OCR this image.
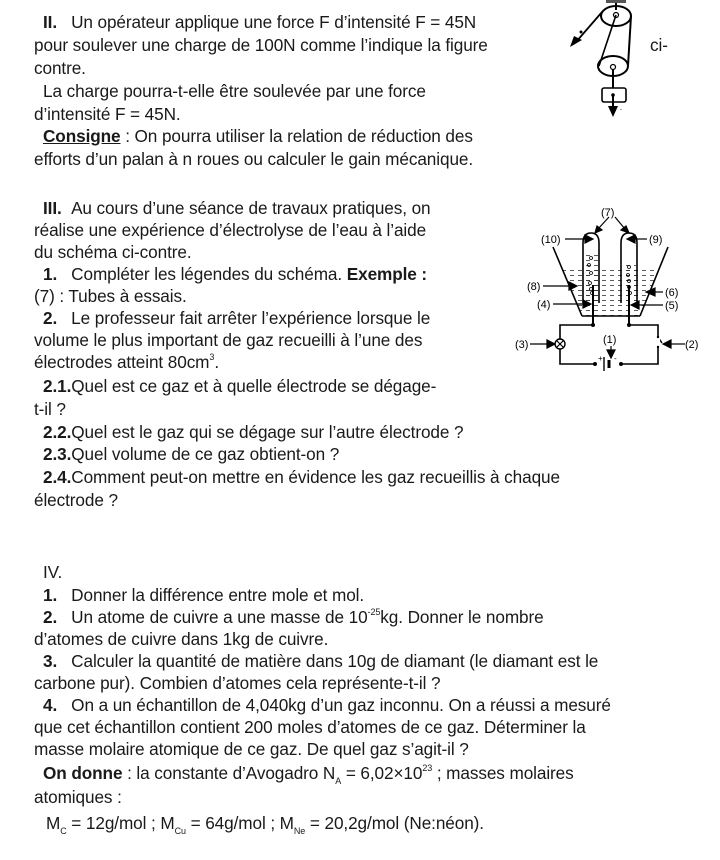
II. Un opérateur applique une force F d’intensité F = 45N
pour soulever une charge de 100N comme l’indique la figure	ci-
contre.
La charge pourra-t-elle être soulevée par une force
d’intensité F = 45N.
Consigne : On pourra utiliser la relation de réduction des
efforts d’un palan à n roues ou calculer le gain mécanique.
-
III. Au cours d’une séance de travaux pratiques, on
réalise une expérience d’électrolyse de l’eau à l’aide
du schéma ci-contre.
1. Compléter les légendes du schéma. Exemple :
(7) : Tubes à essais.
2. Le professeur fait arrêter l’expérience lorsque le
volume le plus important de gaz recueilli à l’une des
électrodes atteint $80cm^3$.
2.1.Quel est ce gaz et à quelle électrode se dégage-
t-il ?
2.2.Quel est le gaz qui se dégage sur l’autre électrode ?
2.3.Quel volume de ce gaz obtient-on ?
2.4.Comment peut-on mettre en évidence les gaz recueillis à chaque
électrode ?
+ -
(7)
(10)	(9)
(8)	(6)
(4)	(5)
(3)	(2)
(1)
IV.
1. Donner la différence entre mole et mol.
2. Un atome de cuivre a une masse de $10^{-25}kg$. Donner le nombre
d’atomes de cuivre dans 1kg de cuivre.
3. Calculer la quantité de matière dans 10g de diamant (le diamant est le
carbone pur). Combien d’atomes cela représente-t-il ?
4. On a un échantillon de 4,040kg d’un gaz inconnu. On a réussi a mesuré
que cet échantillon contient 200 moles d’atomes de ce gaz. Déterminer la
masse molaire atomique de ce gaz. De quel gaz s’agit-il ?
On donne : la constante d’Avogadro $N_A = 6,02\times 10^{23}$ ; masses molaires
atomiques :
$M_C = 12g/mol$ ; $M_{Cu} = 64g/mol$ ; $M_{Ne} = 20,2g/mol$ (Ne:néon).
